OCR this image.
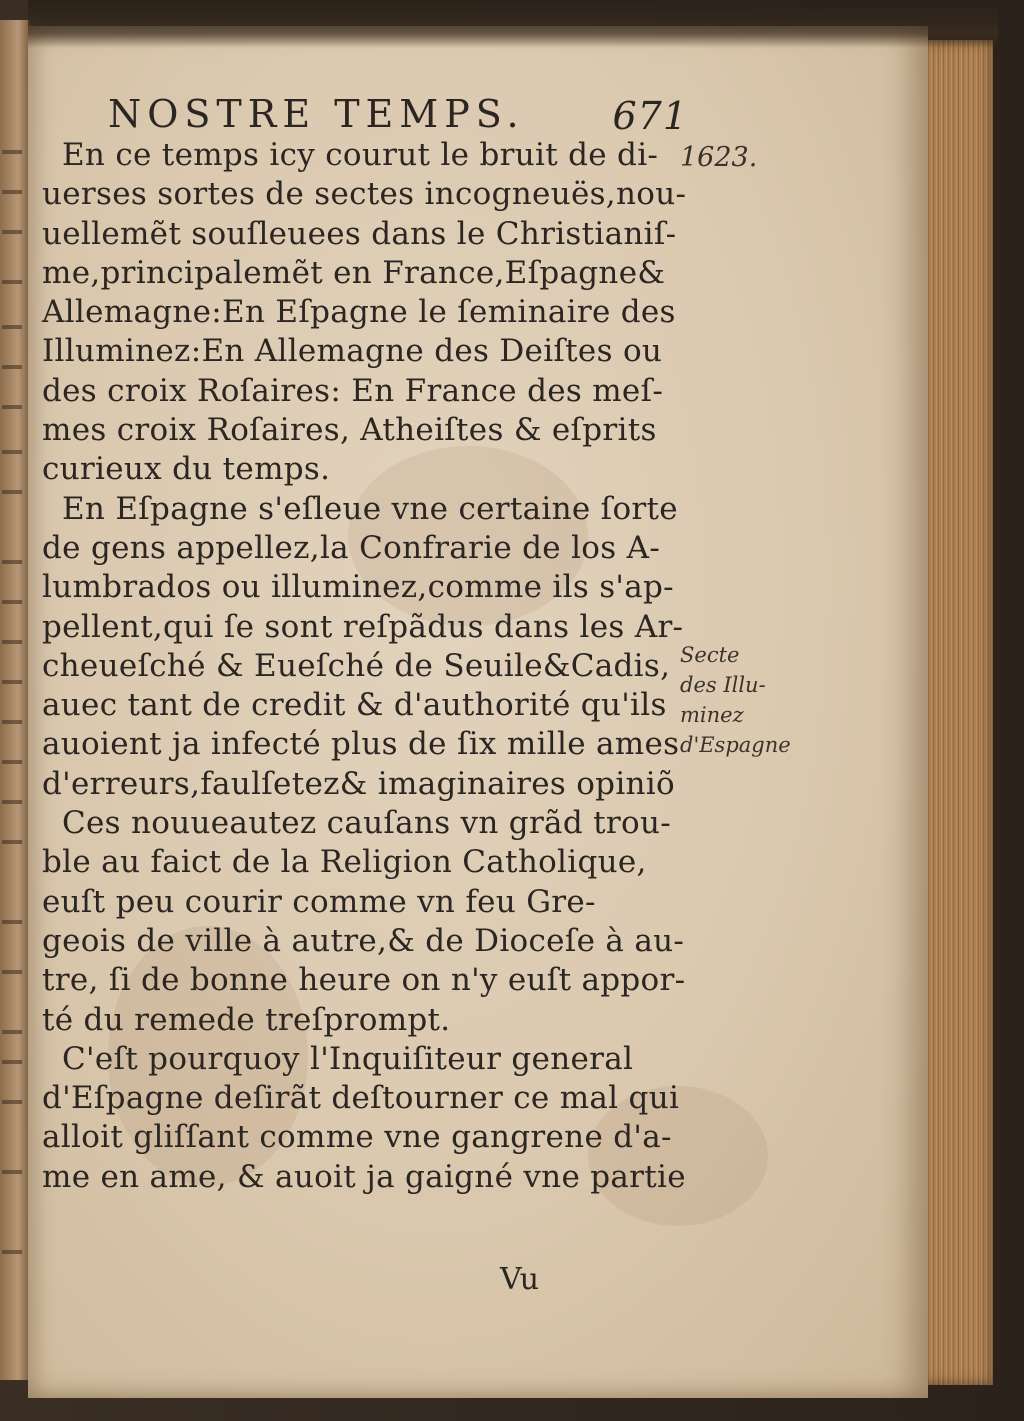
NOSTRE TEMPS. 671
1623.
Secte
des Illu-
minez
d'Espagne
En ce temps icy courut le bruit de di-
uerses sortes de sectes incogneuës,nou-
uellemẽt souſleuees dans le Christianiſ-
me,principalemẽt en France,Eſpagne&
Allemagne:En Eſpagne le ſeminaire des
Illuminez:En Allemagne des Deiſtes ou
des croix Roſaires: En France des meſ-
mes croix Roſaires, Atheiſtes & eſprits
curieux du temps.
En Eſpagne s'eſleue vne certaine ſorte
de gens appellez,la Confrarie de los A-
lumbrados ou illuminez,comme ils s'ap-
pellent,qui ſe sont reſpãdus dans les Ar-
cheueſché & Eueſché de Seuile&Cadis,
auec tant de credit & d'authorité qu'ils
auoient ja infecté plus de ſix mille ames
d'erreurs,faulſetez& imaginaires opiniõ
Ces nouueautez cauſans vn grãd trou-
ble au faict de la Religion Catholique,
euſt peu courir comme vn feu Gre-
geois de ville à autre,& de Dioceſe à au-
tre, ſi de bonne heure on n'y euſt appor-
té du remede treſprompt.
C'eſt pourquoy l'Inquiſiteur general
d'Eſpagne deſirãt deſtourner ce mal qui
alloit gliſſant comme vne gangrene d'a-
me en ame, & auoit ja gaigné vne partie
Vu
